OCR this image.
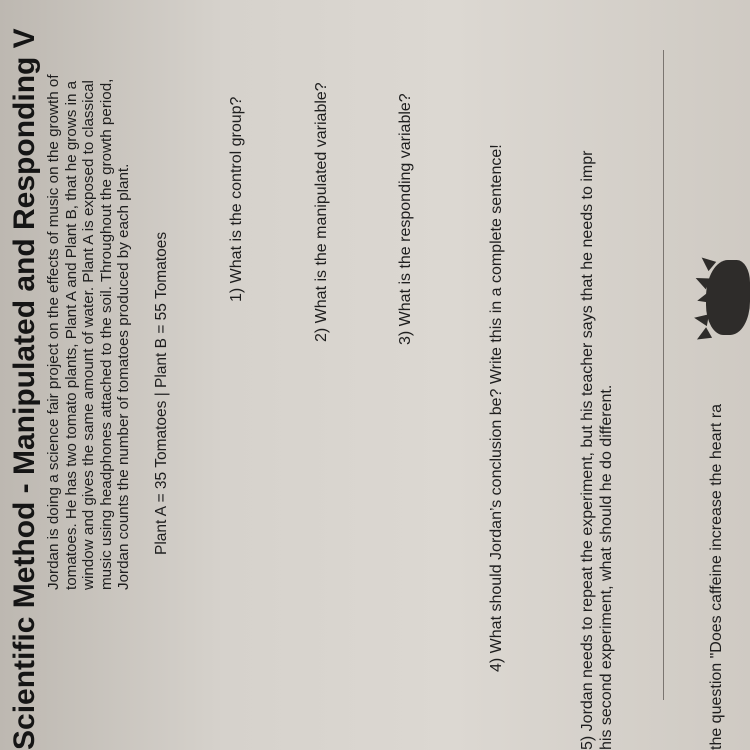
Scientific Method - Manipulated and Responding V Jordan is doing a science fair project on the effects of music on the growth of tomatoes. He has two tomato plants, Plant A and Plant B, that he grows in a window and gives the same amount of water. Plant A is exposed to classical music using headphones attached to the soil. Throughout the growth period, Jordan counts the number of tomatoes produced by each plant. Plant A = 35 Tomatoes | Plant B = 55 Tomatoes
1) What is the control group?	2) What is the manipulated variable?	3) What is the responding variable?	4) What should Jordan’s conclusion be? Write this in a complete sentence!	5) Jordan needs to repeat the experiment, but his teacher says that he needs to impr his second experiment, what should he do different.	the question "Does caffeine increase the heart ra
